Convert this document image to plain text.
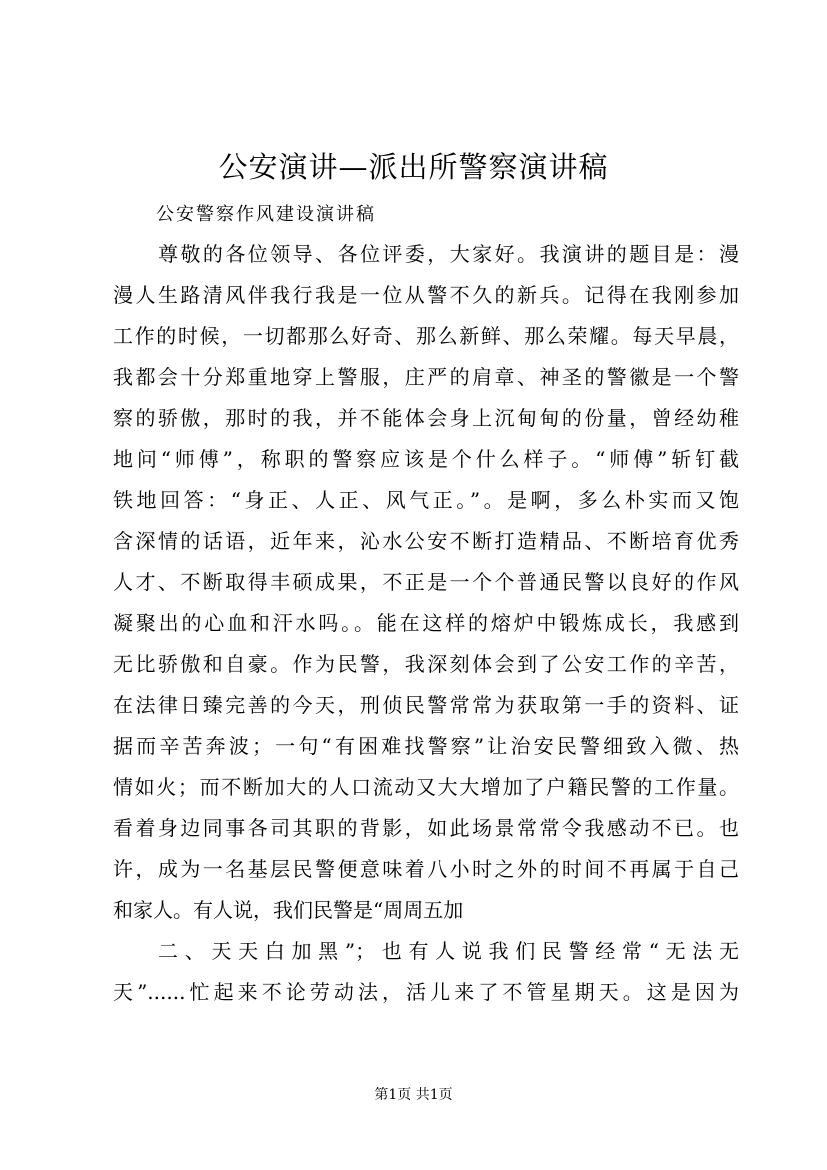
公安演讲—派出所警察演讲稿
公安警察作风建设演讲稿
尊敬的各位领导、各位评委，大家好。我演讲的题目是：漫
漫人生路清风伴我行我是一位从警不久的新兵。记得在我刚参加
工作的时候，一切都那么好奇、那么新鲜、那么荣耀。每天早晨，
我都会十分郑重地穿上警服，庄严的肩章、神圣的警徽是一个警
察的骄傲，那时的我，并不能体会身上沉甸甸的份量，曾经幼稚
地问“师傅”，称职的警察应该是个什么样子。“师傅”斩钉截
铁地回答：“身正、人正、风气正。”。是啊，多么朴实而又饱
含深情的话语，近年来，沁水公安不断打造精品、不断培育优秀
人才、不断取得丰硕成果，不正是一个个普通民警以良好的作风
凝聚出的心血和汗水吗。。能在这样的熔炉中锻炼成长，我感到
无比骄傲和自豪。作为民警，我深刻体会到了公安工作的辛苦，
在法律日臻完善的今天，刑侦民警常常为获取第一手的资料、证
据而辛苦奔波；一句“有困难找警察”让治安民警细致入微、热
情如火；而不断加大的人口流动又大大增加了户籍民警的工作量。
看着身边同事各司其职的背影，如此场景常常令我感动不已。也
许，成为一名基层民警便意味着八小时之外的时间不再属于自己
和家人。有人说，我们民警是“周周五加
二、天天白加黑”；也有人说我们民警经常“无法无
天”......忙起来不论劳动法，活儿来了不管星期天。这是因为
第1页 共1页
